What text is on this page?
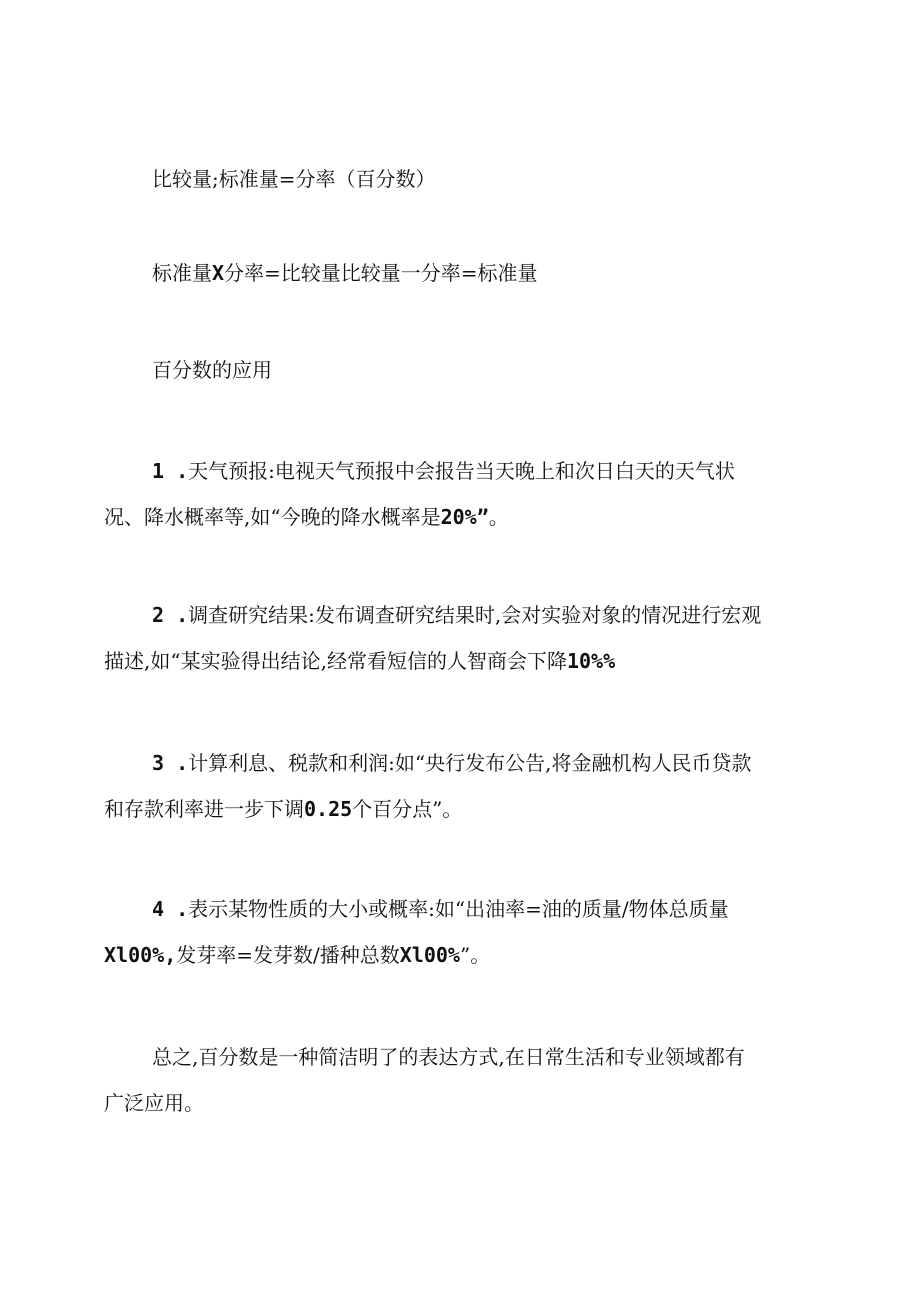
比较量;标准量=分率（百分数）
标准量X分率=比较量比较量一分率=标准量
百分数的应用
1 .天气预报:电视天气预报中会报告当天晚上和次日白天的天气状
况、降水概率等,如“今晚的降水概率是20%”。
2 .调查研究结果:发布调查研究结果时,会对实验对象的情况进行宏观
描述,如“某实验得出结论,经常看短信的人智商会下降10%%
3 .计算利息、税款和利润:如“央行发布公告,将金融机构人民币贷款
和存款利率进一步下调0.25个百分点”。
4 .表示某物性质的大小或概率:如“出油率=油的质量/物体总质量
Xl00%,发芽率=发芽数/播种总数Xl00%”。
总之,百分数是一种简洁明了的表达方式,在日常生活和专业领域都有
广泛应用。
